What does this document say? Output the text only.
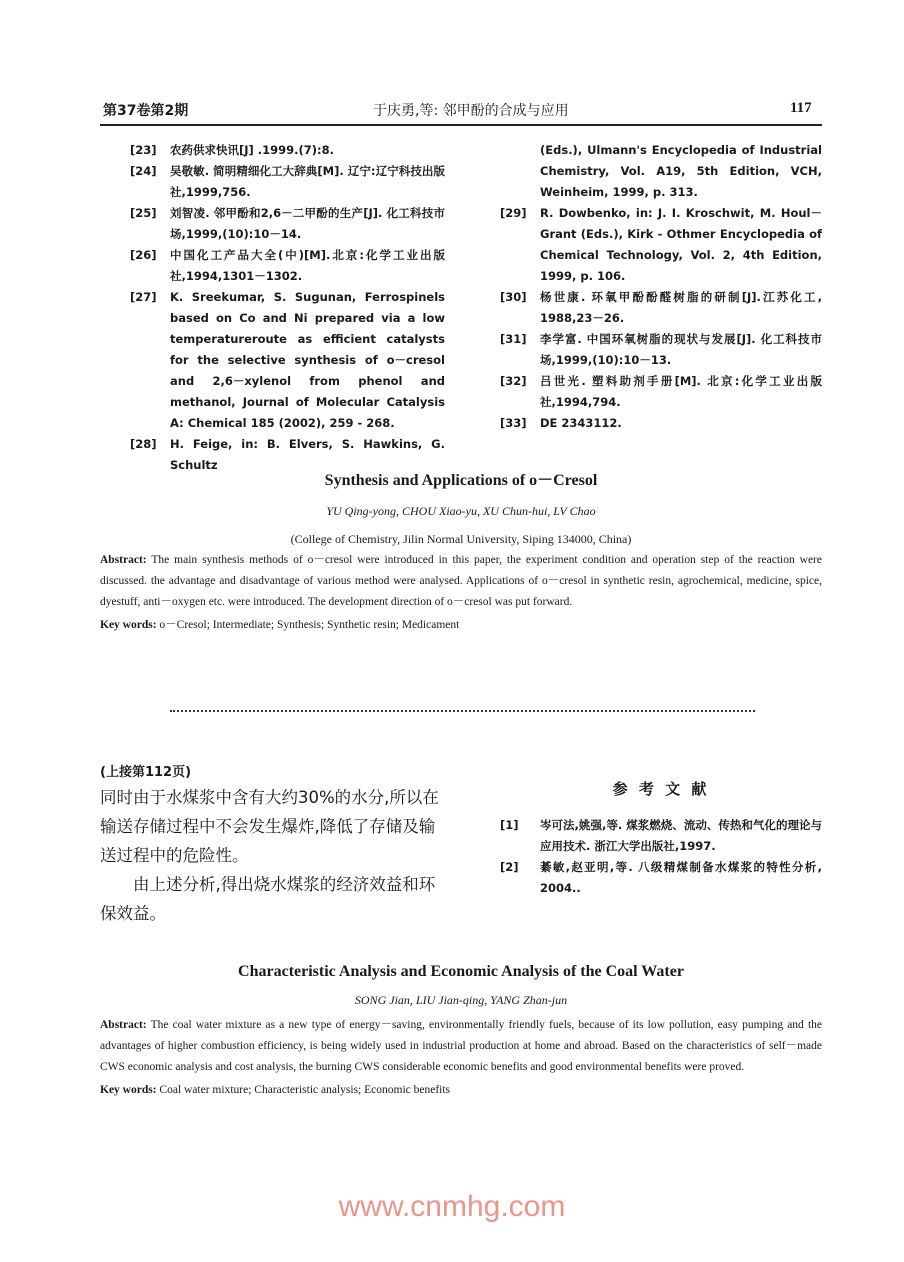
第37卷第2期	于庆勇,等: 邻甲酚的合成与应用	117
[23]	农药供求快讯[J] .1999.(7):8.
[24]	吴敬敏. 简明精细化工大辞典[M]. 辽宁:辽宁科技出版社,1999,756.
[25]	刘智凌. 邻甲酚和2,6－二甲酚的生产[J]. 化工科技市场,1999,(10):10－14.
[26]	中国化工产品大全(中)[M].北京:化学工业出版社,1994,1301－1302.
[27]	K. Sreekumar, S. Sugunan, Ferrospinels based on Co and Ni prepared via a low temperatureroute as efficient catalysts for the selective synthesis of o－cresol and 2,6－xylenol from phenol and methanol, Journal of Molecular Catalysis A: Chemical 185 (2002), 259 - 268.
[28]	H. Feige, in: B. Elvers, S. Hawkins, G. Schultz
(Eds.), Ulmann's Encyclopedia of Industrial Chemistry, Vol. A19, 5th Edition, VCH, Weinheim, 1999, p. 313.
[29]	R. Dowbenko, in: J. I. Kroschwit, M. Houl－Grant (Eds.), Kirk - Othmer Encyclopedia of Chemical Technology, Vol. 2, 4th Edition, 1999, p. 106.
[30]	杨世康. 环氧甲酚酚醛树脂的研制[J].江苏化工, 1988,23－26.
[31]	李学富. 中国环氧树脂的现状与发展[J]. 化工科技市场,1999,(10):10－13.
[32]	吕世光. 塑料助剂手册[M]. 北京:化学工业出版社,1994,794.
[33]	DE 2343112.
Synthesis and Applications of o－Cresol
YU Qing-yong, CHOU Xiao-yu, XU Chun-hui, LV Chao
(College of Chemistry, Jilin Normal University, Siping 134000, China)
Abstract: The main synthesis methods of o－cresol were introduced in this paper, the experiment condition and operation step of the reaction were discussed. the advantage and disadvantage of various method were analysed. Applications of o－cresol in synthetic resin, agrochemical, medicine, spice, dyestuff, anti－oxygen etc. were introduced. The development direction of o－cresol was put forward.
Key words: o－Cresol; Intermediate; Synthesis; Synthetic resin; Medicament
(上接第112页)
同时由于水煤浆中含有大约30%的水分,所以在输送存储过程中不会发生爆炸,降低了存储及输送过程中的危险性。
由上述分析,得出烧水煤浆的经济效益和环保效益。
参 考 文 献
[1]	岑可法,姚强,等. 煤浆燃烧、流动、传热和气化的理论与应用技术. 浙江大学出版社,1997.
[2]	綦敏,赵亚明,等. 八级精煤制备水煤浆的特性分析, 2004..
Characteristic Analysis and Economic Analysis of the Coal Water
SONG Jian, LIU Jian-qing, YANG Zhan-jun
Abstract: The coal water mixture as a new type of energy－saving, environmentally friendly fuels, because of its low pollution, easy pumping and the advantages of higher combustion efficiency, is being widely used in industrial production at home and abroad. Based on the characteristics of self－made CWS economic analysis and cost analysis, the burning CWS considerable economic benefits and good environmental benefits were proved.
Key words: Coal water mixture; Characteristic analysis; Economic benefits
www.cnmhg.com
